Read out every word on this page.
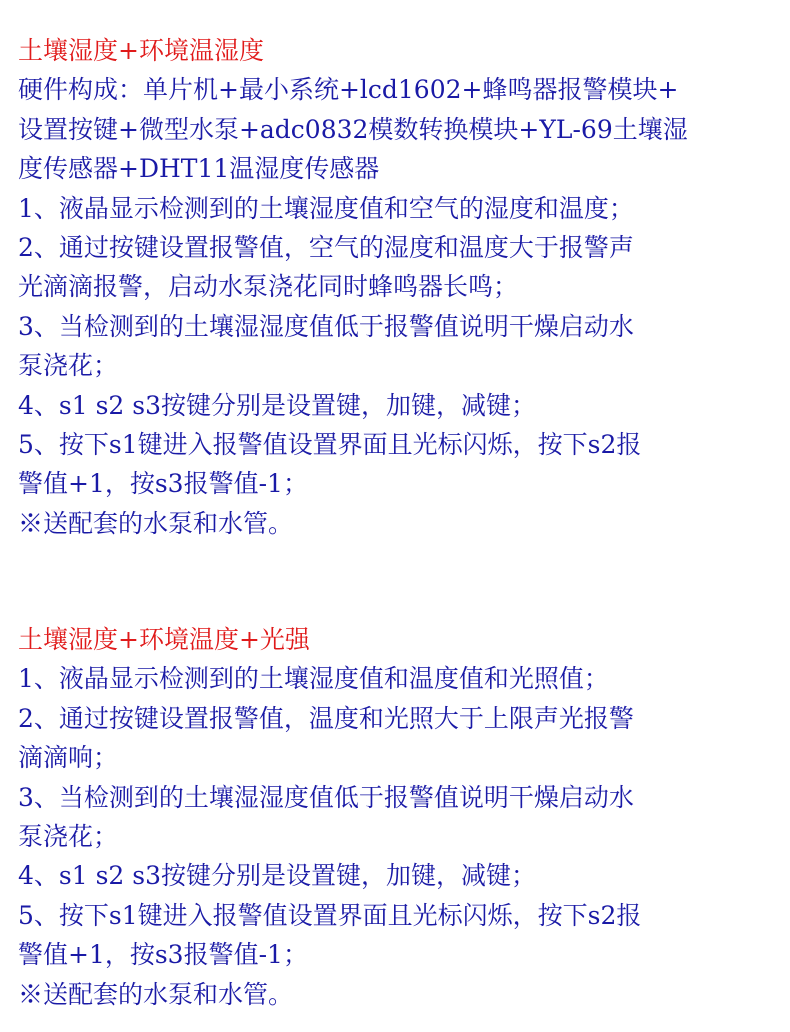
土壤湿度+环境温湿度
硬件构成：单片机+最小系统+lcd1602+蜂鸣器报警模块+
设置按键+微型水泵+adc0832模数转换模块+YL-69土壤湿
度传感器+DHT11温湿度传感器
1、液晶显示检测到的土壤湿度值和空气的湿度和温度；
2、通过按键设置报警值，空气的湿度和温度大于报警声
光滴滴报警，启动水泵浇花同时蜂鸣器长鸣；
3、当检测到的土壤湿湿度值低于报警值说明干燥启动水
泵浇花；
4、s1 s2 s3按键分别是设置键，加键，减键；
5、按下s1键进入报警值设置界面且光标闪烁，按下s2报
警值+1，按s3报警值-1；
※送配套的水泵和水管。
土壤湿度+环境温度+光强
1、液晶显示检测到的土壤湿度值和温度值和光照值；
2、通过按键设置报警值，温度和光照大于上限声光报警
滴滴响；
3、当检测到的土壤湿湿度值低于报警值说明干燥启动水
泵浇花；
4、s1 s2 s3按键分别是设置键，加键，减键；
5、按下s1键进入报警值设置界面且光标闪烁，按下s2报
警值+1，按s3报警值-1；
※送配套的水泵和水管。
